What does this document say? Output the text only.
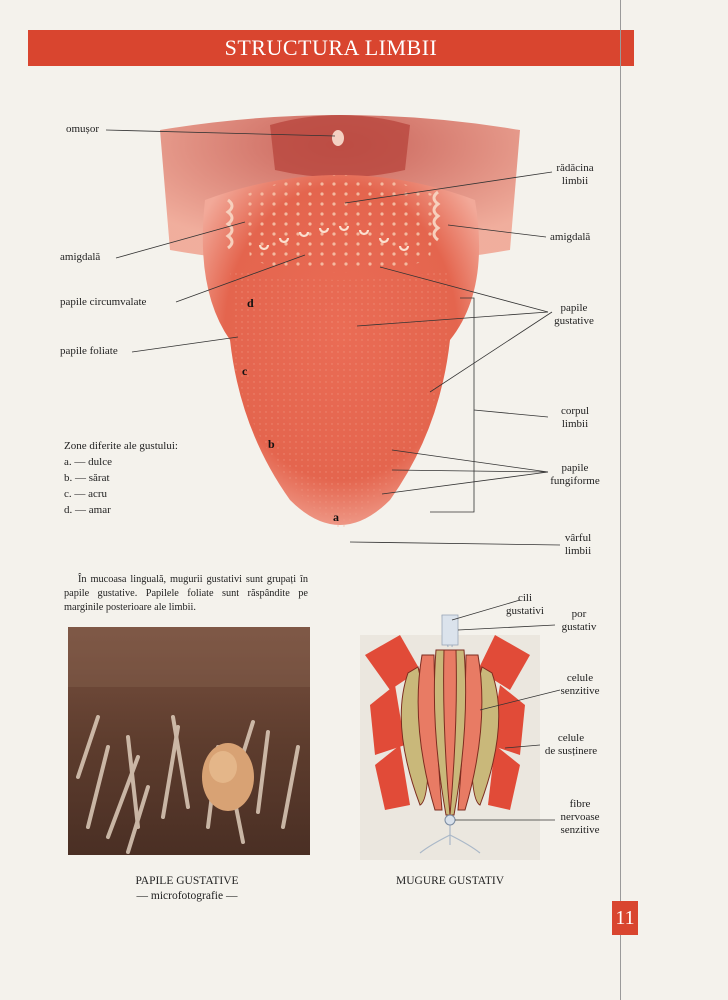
STRUCTURA LIMBII
omușor
amigdală
papile circumvalate
papile foliate
rădăcina
limbii
amigdală
papile
gustative
corpul
limbii
papile
fungiforme
vârful
limbii
d
c
b
a
Zone diferite ale gustului:
a. — dulce
b. — sărat
c. — acru
d. — amar
În mucoasa linguală, mugurii gustativi sunt grupați în papile gustative. Papilele foliate sunt răspândite pe marginile posterioare ale limbii.
PAPILE GUSTATIVE
— microfotografie —
cili
gustativi	por
gustativ
celule
senzitive
celule
de susținere
fibre
nervoase
senzitive
MUGURE GUSTATIV
11
